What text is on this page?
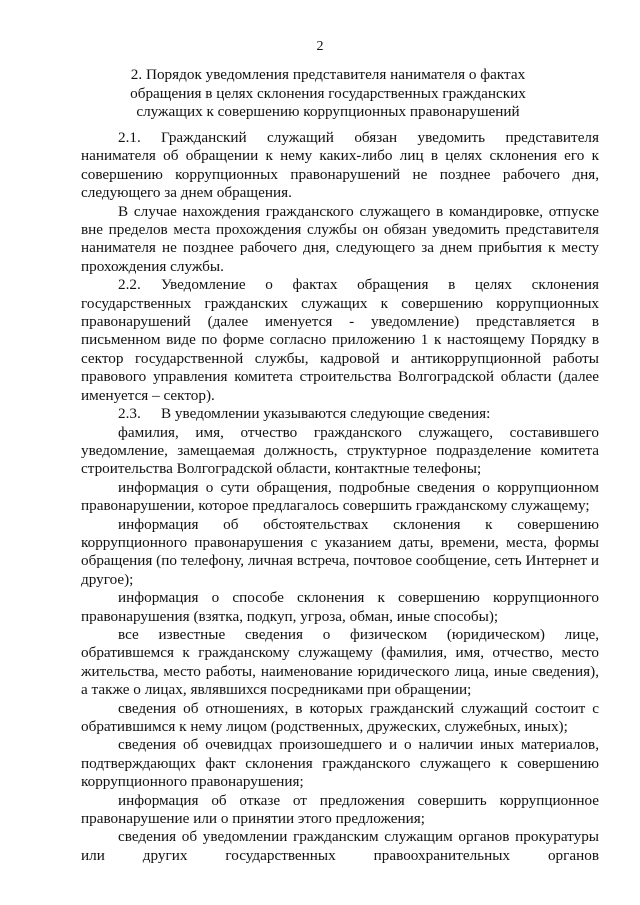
2
2. Порядок уведомления представителя нанимателя о фактах
обращения в целях склонения государственных гражданских
служащих к совершению коррупционных правонарушений

2.1. Гражданский служащий обязан уведомить представителя нанимателя об обращении к нему каких-либо лиц в целях склонения его к совершению коррупционных правонарушений не позднее рабочего дня, следующего за днем обращения.

В случае нахождения гражданского служащего в командировке, отпуске вне пределов места прохождения службы он обязан уведомить представителя нанимателя не позднее рабочего дня, следующего за днем прибытия к месту прохождения службы.

2.2. Уведомление о фактах обращения в целях склонения государственных гражданских служащих к совершению коррупционных правонарушений (далее именуется - уведомление) представляется в письменном виде по форме согласно приложению 1 к настоящему Порядку в сектор государственной службы, кадровой и антикоррупционной работы правового управления комитета строительства Волгоградской области (далее именуется – сектор).

2.3. В уведомлении указываются следующие сведения:

фамилия, имя, отчество гражданского служащего, составившего уведомление, замещаемая должность, структурное подразделение комитета строительства Волгоградской области, контактные телефоны;

информация о сути обращения, подробные сведения о коррупционном правонарушении, которое предлагалось совершить гражданскому служащему;

информация об обстоятельствах склонения к совершению коррупционного правонарушения с указанием даты, времени, места, формы обращения (по телефону, личная встреча, почтовое сообщение, сеть Интернет и другое);

информация о способе склонения к совершению коррупционного правонарушения (взятка, подкуп, угроза, обман, иные способы);

все известные сведения о физическом (юридическом) лице, обратившемся к гражданскому служащему (фамилия, имя, отчество, место жительства, место работы, наименование юридического лица, иные сведения), а также о лицах, являвшихся посредниками при обращении;

сведения об отношениях, в которых гражданский служащий состоит с обратившимся к нему лицом (родственных, дружеских, служебных, иных);

сведения об очевидцах произошедшего и о наличии иных материалов, подтверждающих факт склонения гражданского служащего к совершению коррупционного правонарушения;

информация об отказе от предложения совершить коррупционное правонарушение или о принятии этого предложения;

сведения об уведомлении гражданским служащим органов прокуратуры или других государственных правоохранительных органов
